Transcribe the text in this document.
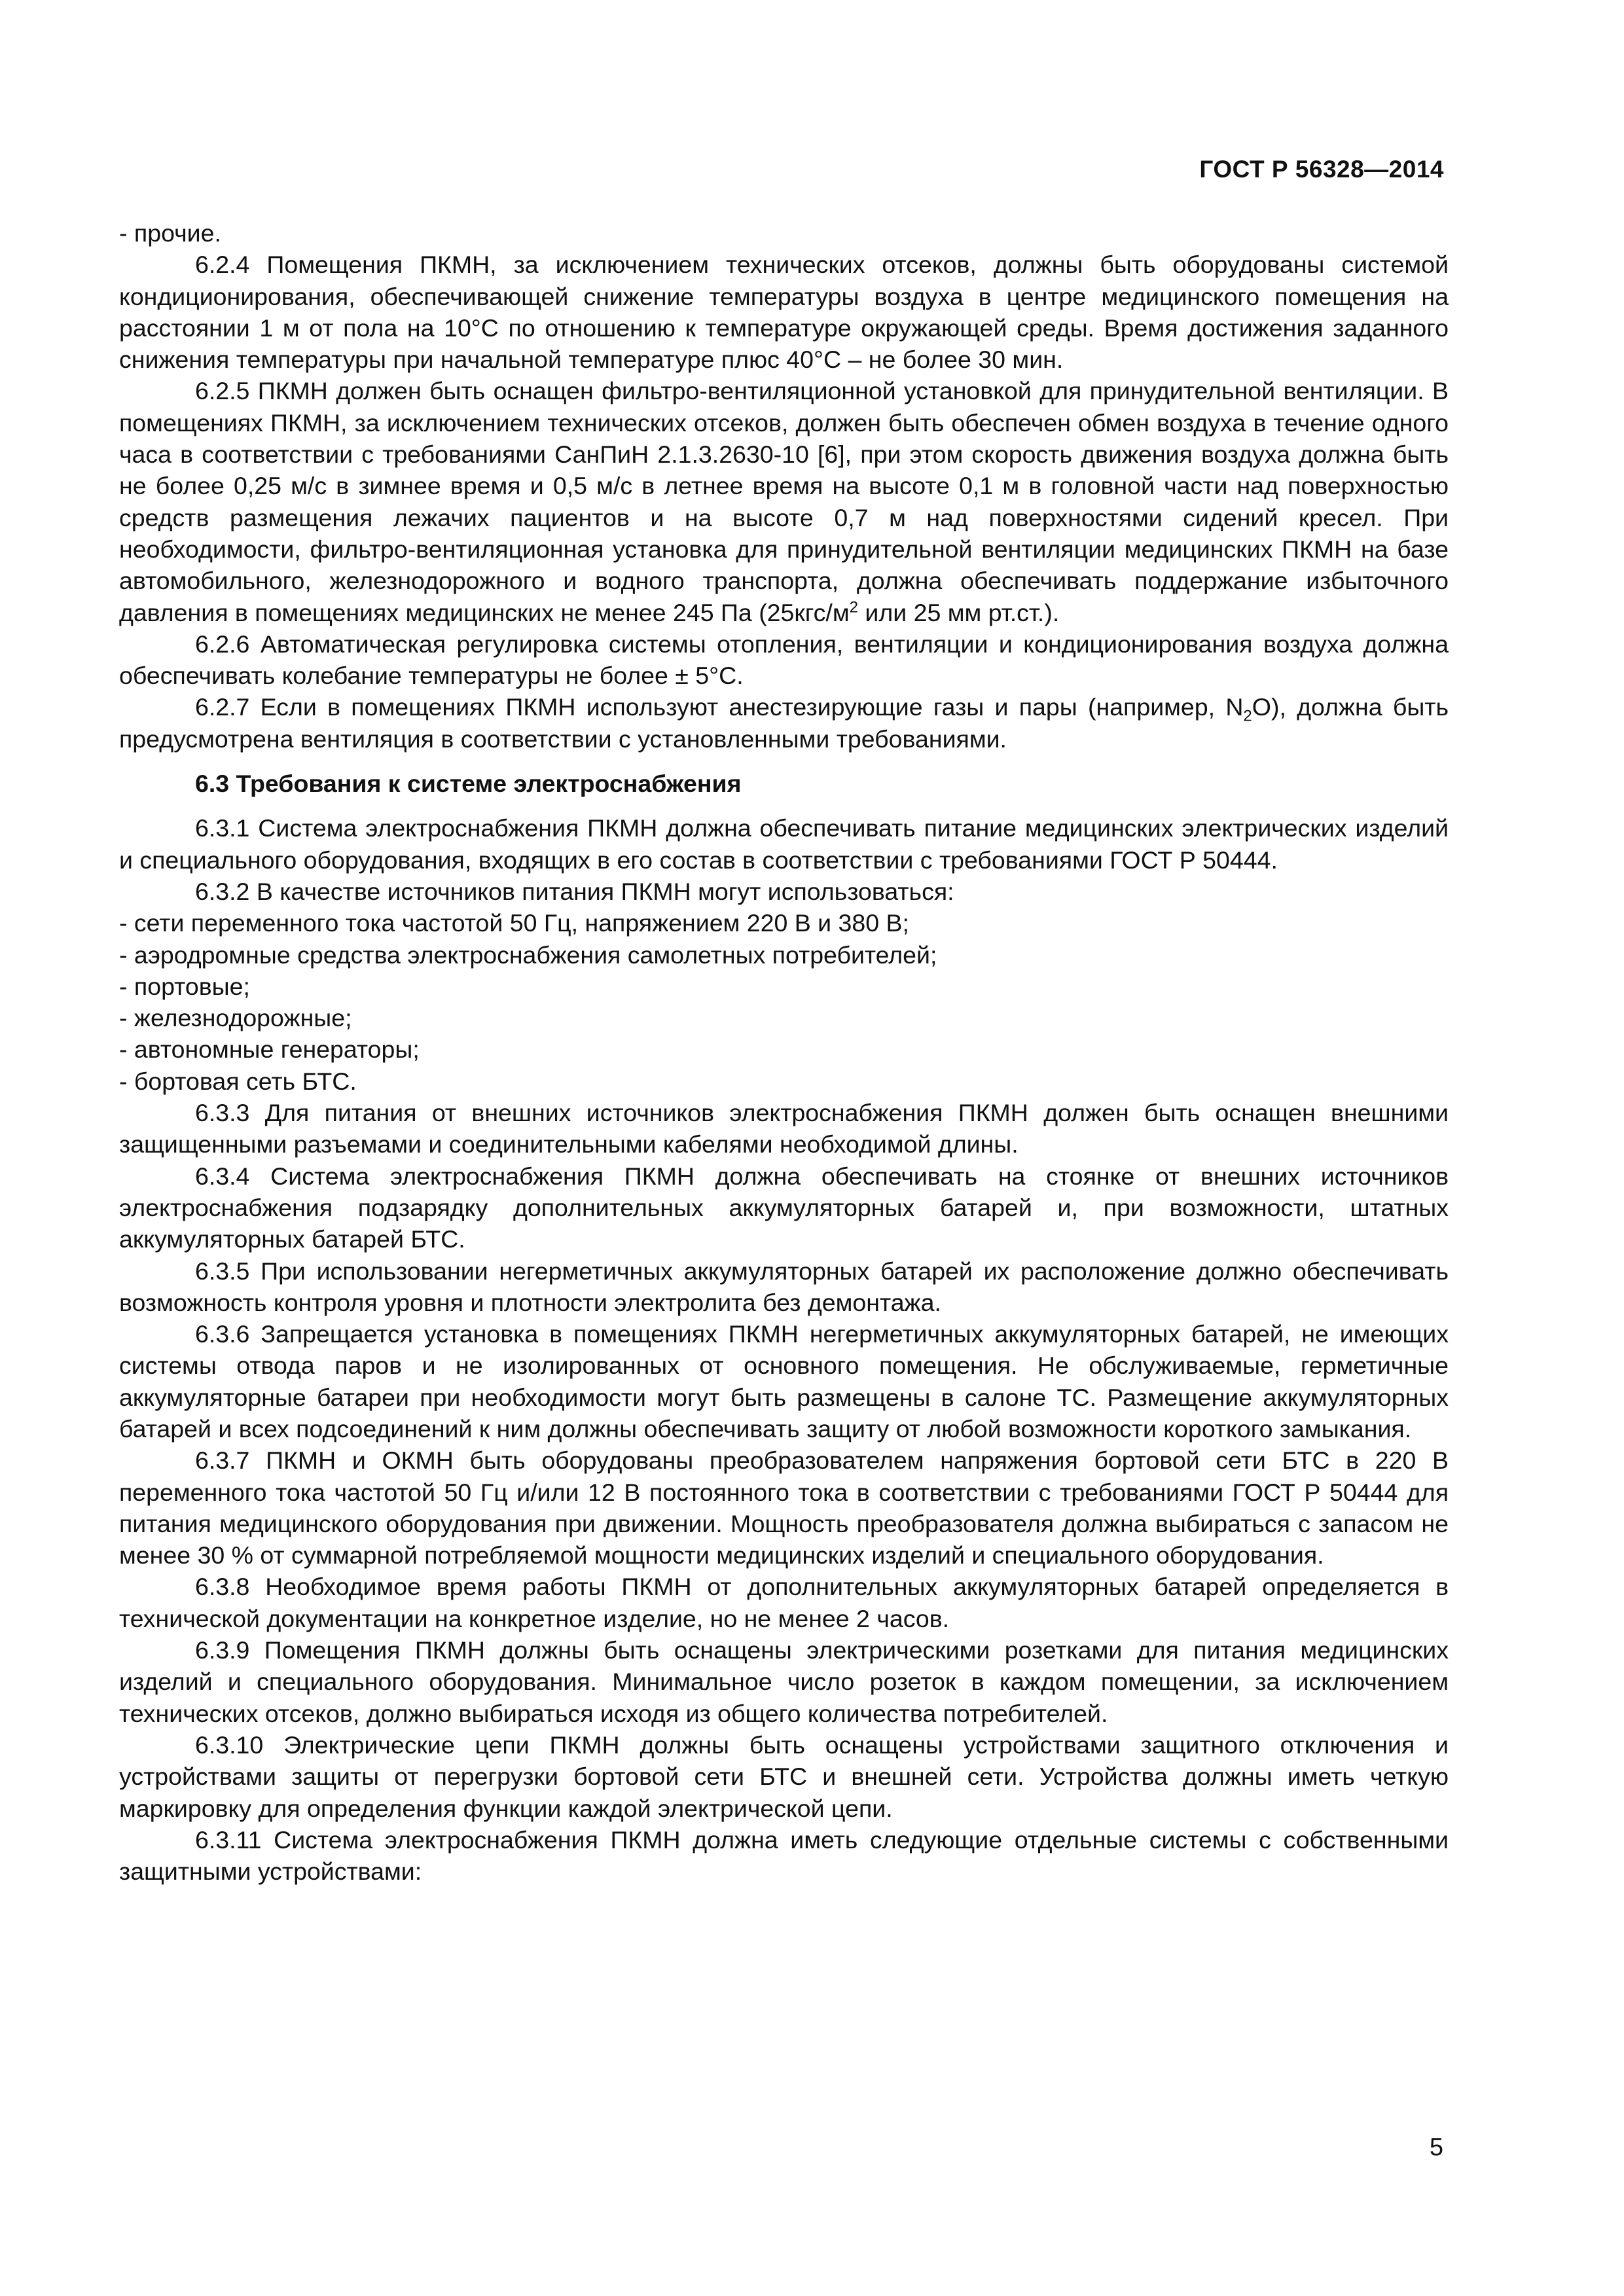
ГОСТ Р 56328—2014

- прочие.

6.2.4 Помещения ПКМН, за исключением технических отсеков, должны быть оборудованы системой кондиционирования, обеспечивающей снижение температуры воздуха в центре медицинского помещения на расстоянии 1 м от пола на 10°С по отношению к температуре окружающей среды. Время достижения заданного снижения температуры при начальной температуре плюс 40°С – не более 30 мин.

6.2.5 ПКМН должен быть оснащен фильтро-вентиляционной установкой для принудительной вентиляции. В помещениях ПКМН, за исключением технических отсеков, должен быть обеспечен обмен воздуха в течение одного часа в соответствии с требованиями СанПиН 2.1.3.2630-10 [6], при этом скорость движения воздуха должна быть не более 0,25 м/с в зимнее время и 0,5 м/с в летнее время на высоте 0,1 м в головной части над поверхностью средств размещения лежачих пациентов и на высоте 0,7 м над поверхностями сидений кресел. При необходимости, фильтро-вентиляционная установка для принудительной вентиляции медицинских ПКМН на базе автомобильного, железнодорожного и водного транспорта, должна обеспечивать поддержание избыточного давления в помещениях медицинских не менее 245 Па ($25кгс/м^2$ или 25 мм рт.ст.).

6.2.6 Автоматическая регулировка системы отопления, вентиляции и кондиционирования воздуха должна обеспечивать колебание температуры не более ± 5°С.

6.2.7 Если в помещениях ПКМН используют анестезирующие газы и пары (например, $N_2O$), должна быть предусмотрена вентиляция в соответствии с установленными требованиями.

6.3 Требования к системе электроснабжения

6.3.1 Система электроснабжения ПКМН должна обеспечивать питание медицинских электрических изделий и специального оборудования, входящих в его состав в соответствии с требованиями ГОСТ Р 50444.

6.3.2 В качестве источников питания ПКМН могут использоваться:

- сети переменного тока частотой 50 Гц, напряжением 220 В и 380 В;

- аэродромные средства электроснабжения самолетных потребителей;

- портовые;

- железнодорожные;

- автономные генераторы;

- бортовая сеть БТС.

6.3.3 Для питания от внешних источников электроснабжения ПКМН должен быть оснащен внешними защищенными разъемами и соединительными кабелями необходимой длины.

6.3.4 Система электроснабжения ПКМН должна обеспечивать на стоянке от внешних источников электроснабжения подзарядку дополнительных аккумуляторных батарей и, при возможности, штатных аккумуляторных батарей БТС.

6.3.5 При использовании негерметичных аккумуляторных батарей их расположение должно обеспечивать возможность контроля уровня и плотности электролита без демонтажа.

6.3.6 Запрещается установка в помещениях ПКМН негерметичных аккумуляторных батарей, не имеющих системы отвода паров и не изолированных от основного помещения. Не обслуживаемые, герметичные аккумуляторные батареи при необходимости могут быть размещены в салоне ТС. Размещение аккумуляторных батарей и всех подсоединений к ним должны обеспечивать защиту от любой возможности короткого замыкания.

6.3.7 ПКМН и ОКМН быть оборудованы преобразователем напряжения бортовой сети БТС в 220 В переменного тока частотой 50 Гц и/или 12 В постоянного тока в соответствии с требованиями ГОСТ Р 50444 для питания медицинского оборудования при движении. Мощность преобразователя должна выбираться с запасом не менее 30 % от суммарной потребляемой мощности медицинских изделий и специального оборудования.

6.3.8 Необходимое время работы ПКМН от дополнительных аккумуляторных батарей определяется в технической документации на конкретное изделие, но не менее 2 часов.

6.3.9 Помещения ПКМН должны быть оснащены электрическими розетками для питания медицинских изделий и специального оборудования. Минимальное число розеток в каждом помещении, за исключением технических отсеков, должно выбираться исходя из общего количества потребителей.

6.3.10 Электрические цепи ПКМН должны быть оснащены устройствами защитного отключения и устройствами защиты от перегрузки бортовой сети БТС и внешней сети. Устройства должны иметь четкую маркировку для определения функции каждой электрической цепи.

6.3.11 Система электроснабжения ПКМН должна иметь следующие отдельные системы с собственными защитными устройствами:

5
